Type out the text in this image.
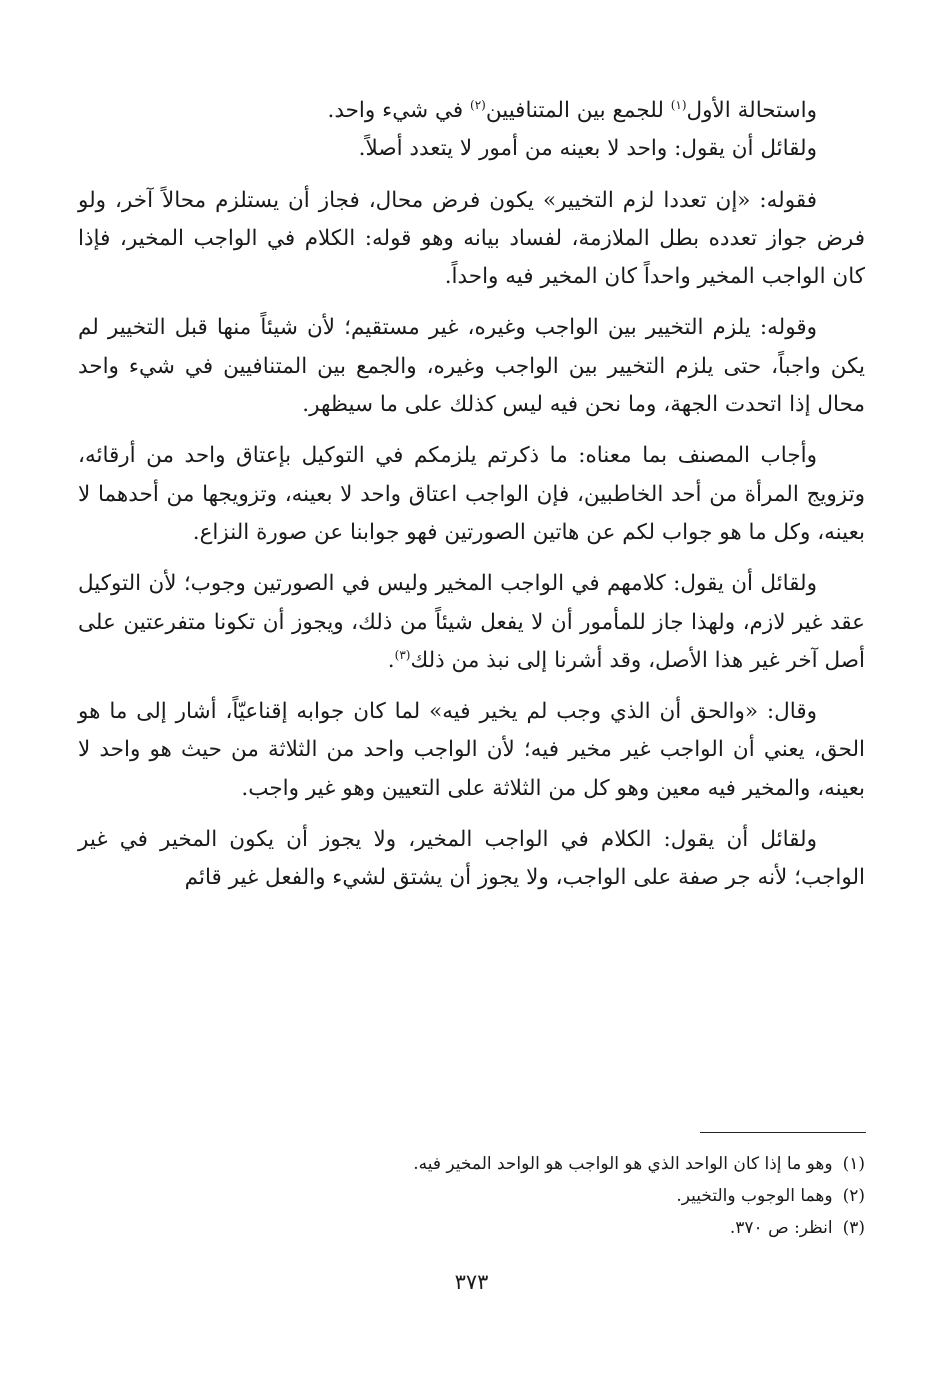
واستحالة الأول$^{(١)}$ للجمع بين المتنافيين$^{(٢)}$ في شيء واحد.

ولقائل أن يقول: واحد لا بعينه من أمور لا يتعدد أصلاً.

فقوله: «إن تعددا لزم التخيير» يكون فرض محال، فجاز أن يستلزم محالاً آخر، ولو فرض جواز تعدده بطل الملازمة، لفساد بيانه وهو قوله: الكلام في الواجب المخير، فإذا كان الواجب المخير واحداً كان المخير فيه واحداً.

وقوله: يلزم التخيير بين الواجب وغيره، غير مستقيم؛ لأن شيئاً منها قبل التخيير لم يكن واجباً، حتى يلزم التخيير بين الواجب وغيره، والجمع بين المتنافيين في شيء واحد محال إذا اتحدت الجهة، وما نحن فيه ليس كذلك على ما سيظهر.

وأجاب المصنف بما معناه: ما ذكرتم يلزمكم في التوكيل بإعتاق واحد من أرقائه، وتزويج المرأة من أحد الخاطبين، فإن الواجب اعتاق واحد لا بعينه، وتزويجها من أحدهما لا بعينه، وكل ما هو جواب لكم عن هاتين الصورتين فهو جوابنا عن صورة النزاع.

ولقائل أن يقول: كلامهم في الواجب المخير وليس في الصورتين وجوب؛ لأن التوكيل عقد غير لازم، ولهذا جاز للمأمور أن لا يفعل شيئاً من ذلك، ويجوز أن تكونا متفرعتين على أصل آخر غير هذا الأصل، وقد أشرنا إلى نبذ من ذلك$^{(٣)}$.

وقال: «والحق أن الذي وجب لم يخير فيه» لما كان جوابه إقناعيّاً، أشار إلى ما هو الحق، يعني أن الواجب غير مخير فيه؛ لأن الواجب واحد من الثلاثة من حيث هو واحد لا بعينه، والمخير فيه معين وهو كل من الثلاثة على التعيين وهو غير واجب.

ولقائل أن يقول: الكلام في الواجب المخير، ولا يجوز أن يكون المخير في غير الواجب؛ لأنه جر صفة على الواجب، ولا يجوز أن يشتق لشيء والفعل غير قائم

(١)وهو ما إذا كان الواحد الذي هو الواجب هو الواحد المخير فيه.
(٢)وهما الوجوب والتخيير.
(٣)انظر: ص ٣٧٠.
٣٧٣
